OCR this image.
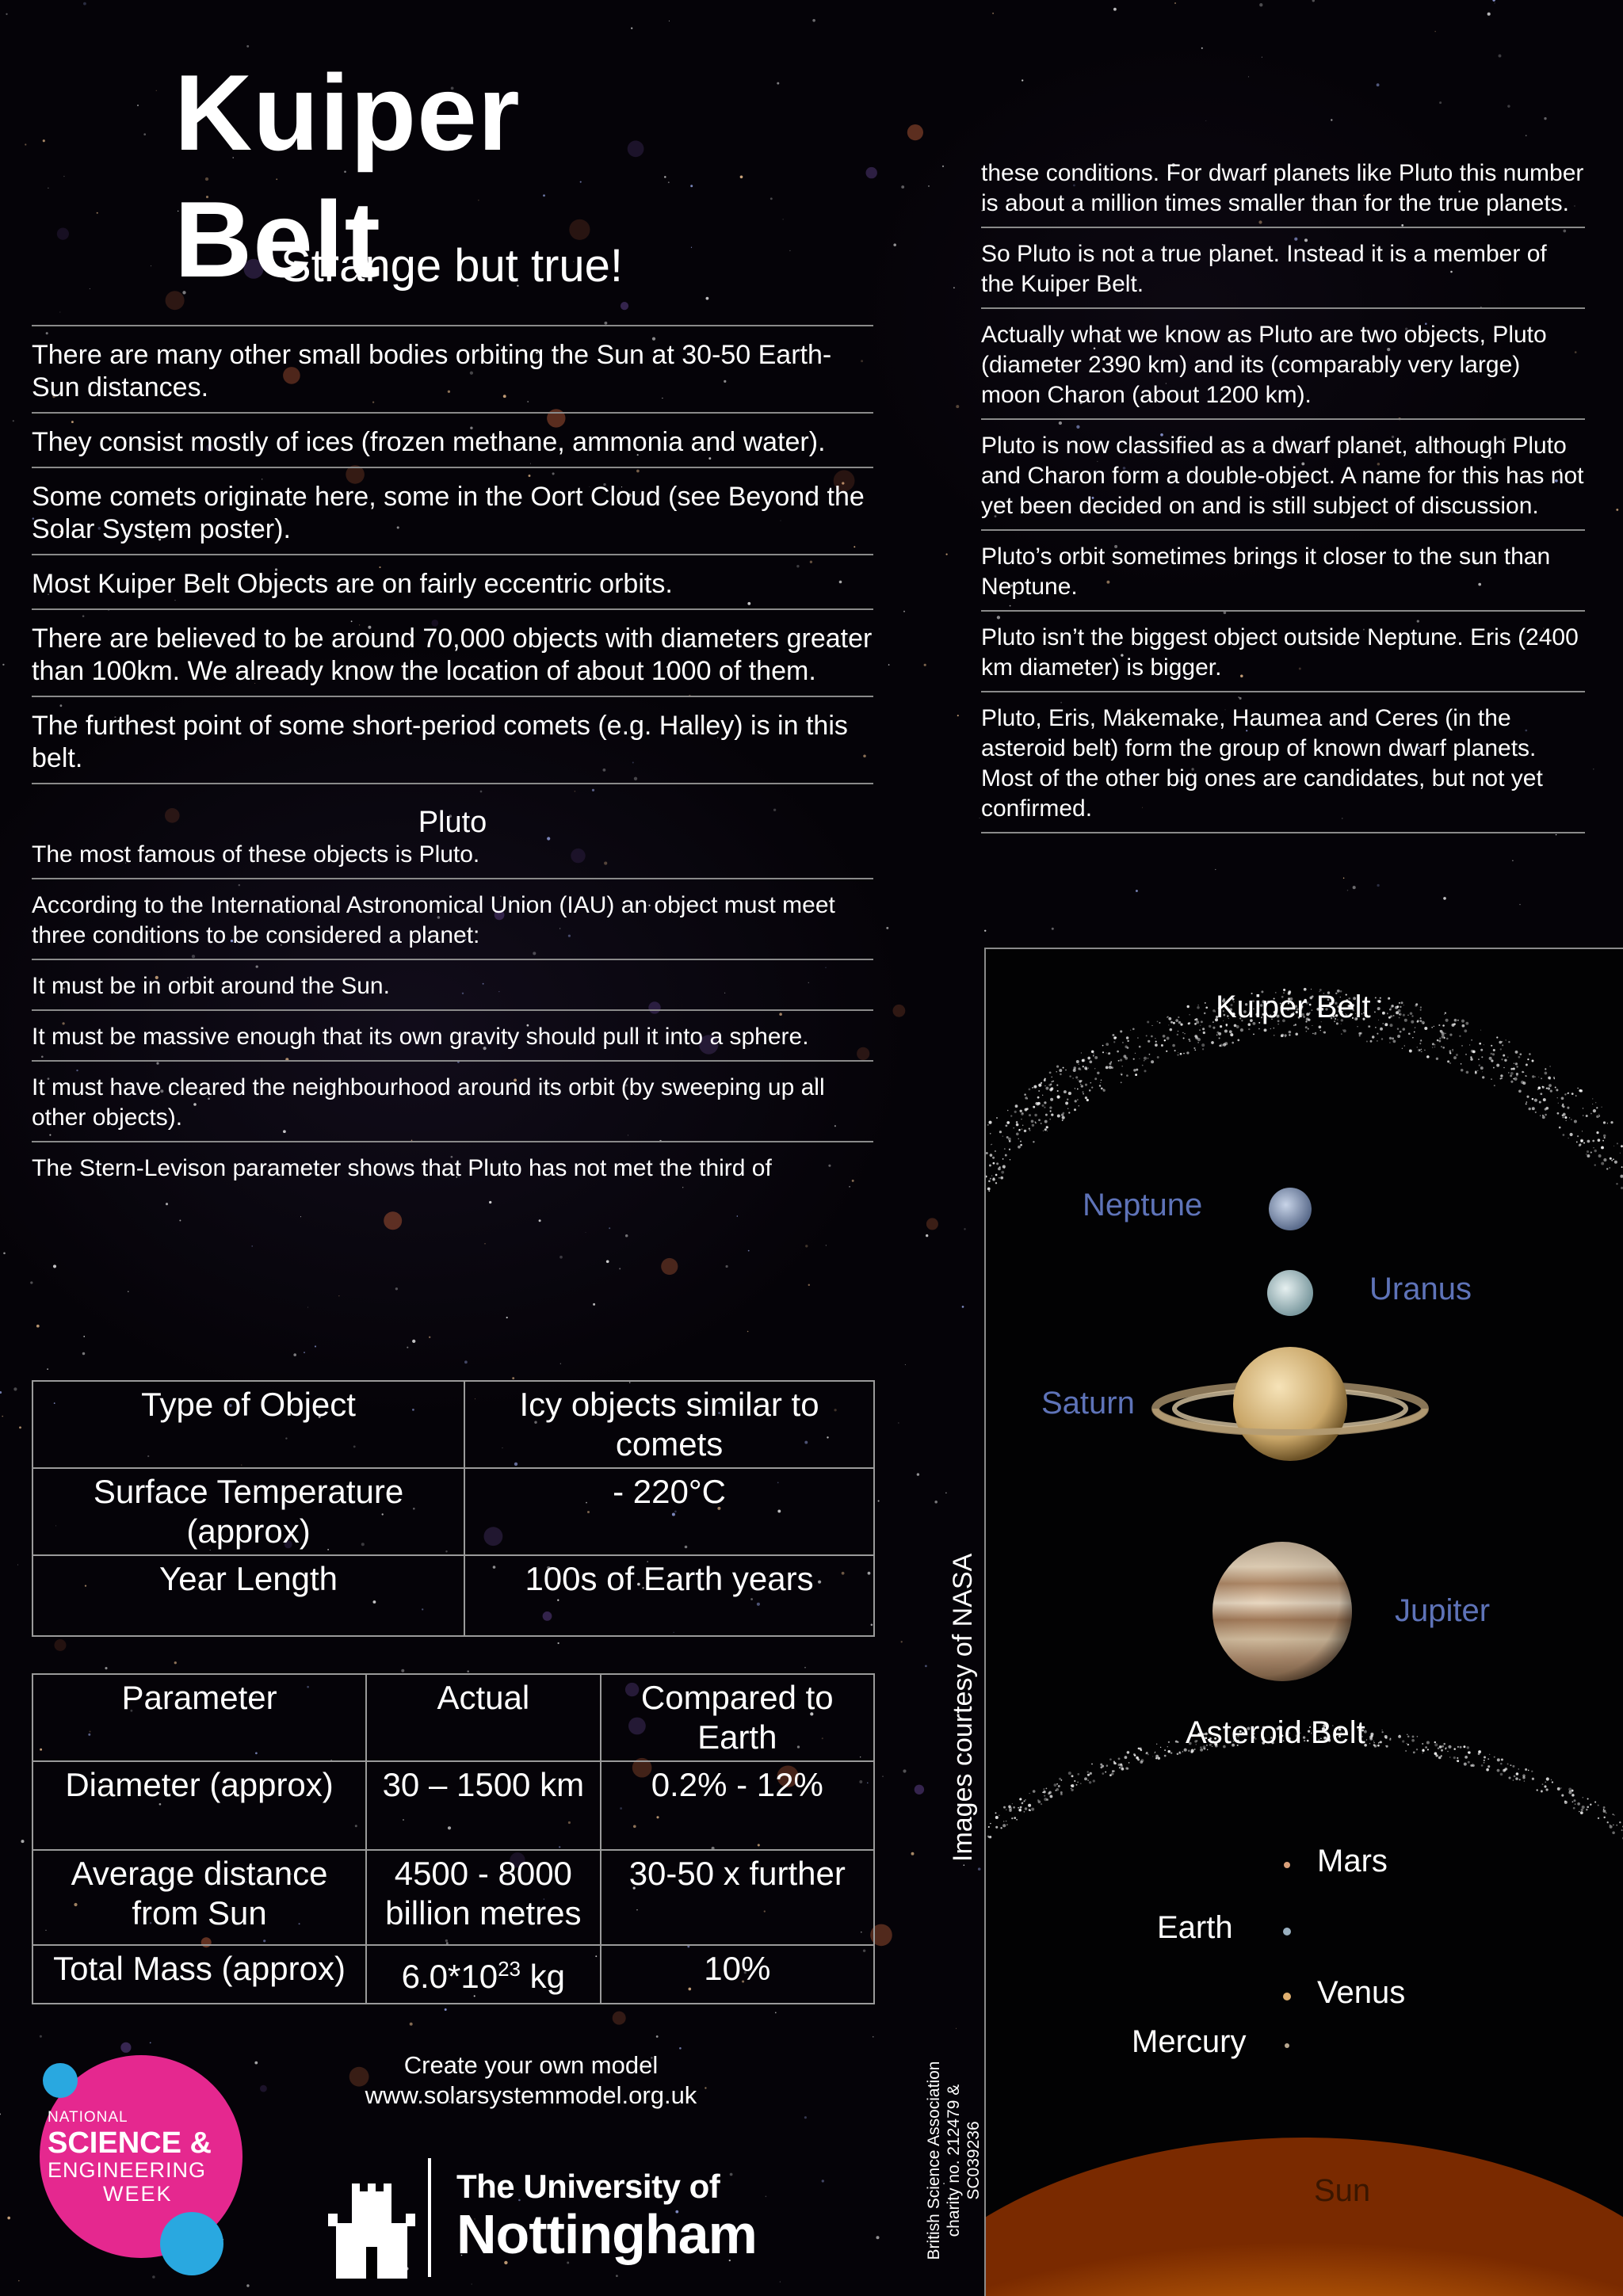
Kuiper Belt
Strange but true!
There are many other small bodies orbiting the Sun at 30-50 Earth-Sun distances.
They consist mostly of ices (frozen methane, ammonia and water).
Some comets originate here, some in the Oort Cloud (see Beyond the Solar System poster).
Most Kuiper Belt Objects are on fairly eccentric orbits.
There are believed to be around 70,000 objects with diameters greater than 100km. We already know the location of about 1000 of them.
The furthest point of some short-period comets (e.g. Halley) is in this belt.
Pluto
The most famous of these objects is Pluto.
According to the International Astronomical Union (IAU) an object must meet three conditions to be considered a planet:
It must be in orbit around the Sun.
It must be massive enough that its own gravity should pull it into a sphere.
It must have cleared the neighbourhood around its orbit (by sweeping up all other objects).
The Stern-Levison parameter shows that Pluto has not met the third of
these conditions. For dwarf planets like Pluto this number is about a million times smaller than for the true planets.
So Pluto is not a true planet. Instead it is a member of the Kuiper Belt.
Actually what we know as Pluto are two objects, Pluto (diameter 2390 km) and its (comparably very large) moon Charon (about 1200 km).
Pluto is now classified as a dwarf planet, although Pluto and Charon form a double-object. A name for this has not yet been decided on and is still subject of discussion.
Pluto’s orbit sometimes brings it closer to the sun than Neptune.
Pluto isn’t the biggest object outside Neptune. Eris (2400 km diameter) is bigger.
Pluto, Eris, Makemake, Haumea and Ceres (in the asteroid belt) form the group of known dwarf planets. Most of the other big ones are candidates, but not yet confirmed.
Type of Object	Icy objects similar to comets
Surface Temperature (approx)	- 220°C
Year Length	100s of Earth years
Parameter	Actual	Compared to Earth
Diameter (approx)	30 – 1500 km	0.2% - 12%
Average distance from Sun	4500 - 8000 billion metres	30-50 x further
Total Mass (approx)	$6.0*10^{23}$ kg	10%
Create your own model
www.solarsystemmodel.org.uk
NATIONAL
SCIENCE &
ENGINEERING
WEEK	The University of
Nottingham
Images courtesy of NASA
British Science Association charity no. 212479 & SC039236
Kuiper Belt
Neptune
Uranus
Saturn
Jupiter
Asteroid Belt
Mars
Earth
Venus
Mercury
Sun
